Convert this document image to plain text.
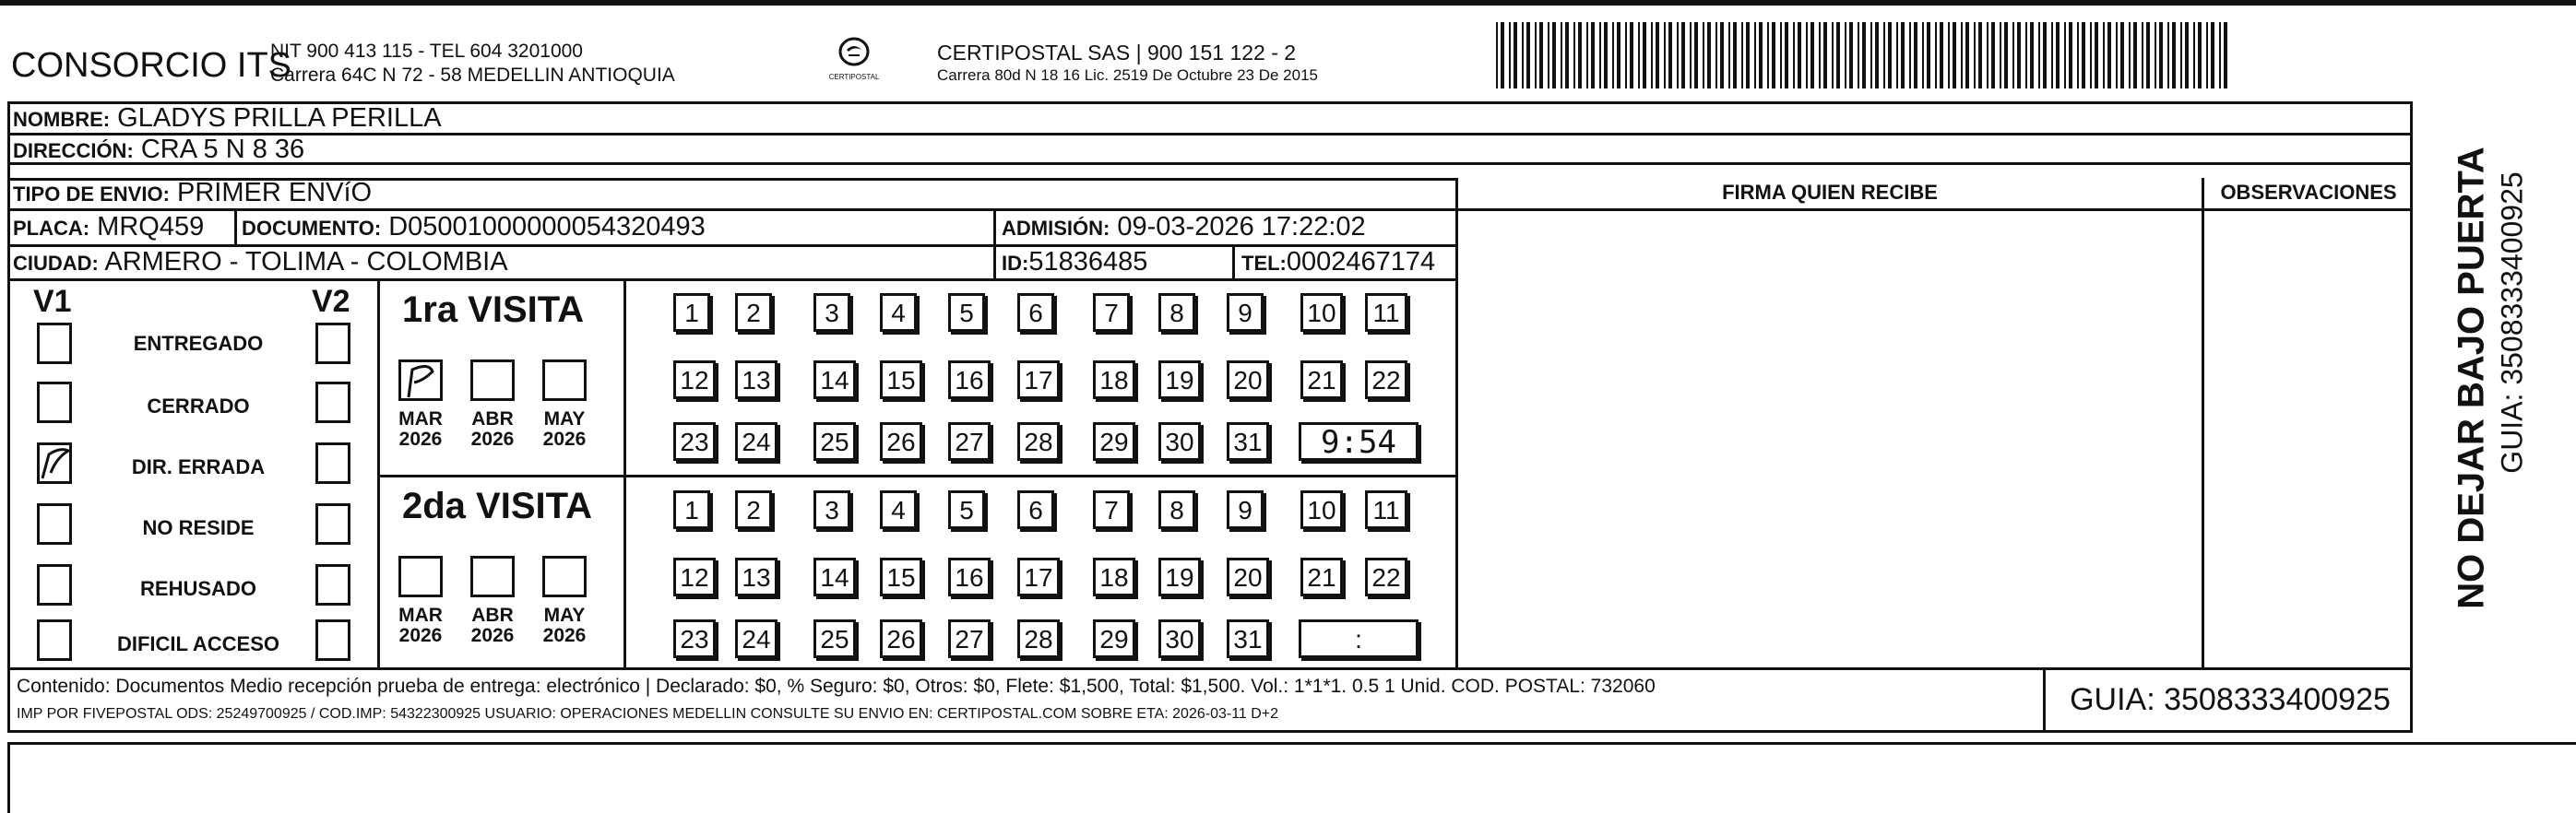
CONSORCIO ITS
NIT 900 413 115 - TEL 604 3201000
Carrera 64C N 72 - 58 MEDELLIN ANTIOQUIA	CERTIPOSTAL
CERTIPOSTAL SAS | 900 151 122 - 2
Carrera 80d N 18 16 Lic. 2519 De Octubre 23 De 2015
NOMBRE: GLADYS PRILLA PERILLA
DIRECCIÓN: CRA 5 N 8 36
TIPO DE ENVIO: PRIMER ENVíO
PLACA: MRQ459 DOCUMENTO: D05001000000054320493	ADMISIÓN: 09-03-2026 17:22:02
CIUDAD: ARMERO - TOLIMA - COLOMBIA	ID:51836485	TEL:0002467174
FIRMA QUIEN RECIBE	OBSERVACIONES
V1	V2
ENTREGADO
CERRADO
DIR. ERRADA
NO RESIDE
REHUSADO
DIFICIL ACCESO
1ra VISITA
2da VISITA
MAR
2026
ABR
2026
MAY
2026
MAR
2026
ABR
2026
MAY
2026
1	2	3	4	5	6	7	8	9	10	11
12 13 14 15 16 17 18 19 20 21 22
23 24 25 26 27 28 29 30 31	9:54
1	2	3	4	5	6	7	8	9	10	11
12 13 14 15 16 17 18 19 20 21 22
23 24 25 26 27 28 29 30 31	:
Contenido: Documentos Medio recepción prueba de entrega: electrónico | Declarado: $0, % Seguro: $0, Otros: $0, Flete: $1,500, Total: $1,500. Vol.: 1*1*1. 0.5 1 Unid. COD. POSTAL: 732060
IMP POR FIVEPOSTAL ODS: 25249700925 / COD.IMP: 54322300925 USUARIO: OPERACIONES MEDELLIN CONSULTE SU ENVIO EN: CERTIPOSTAL.COM SOBRE ETA: 2026-03-11 D+2	GUIA: 3508333400925
NO DEJAR BAJO PUERTA GUIA: 3508333400925
